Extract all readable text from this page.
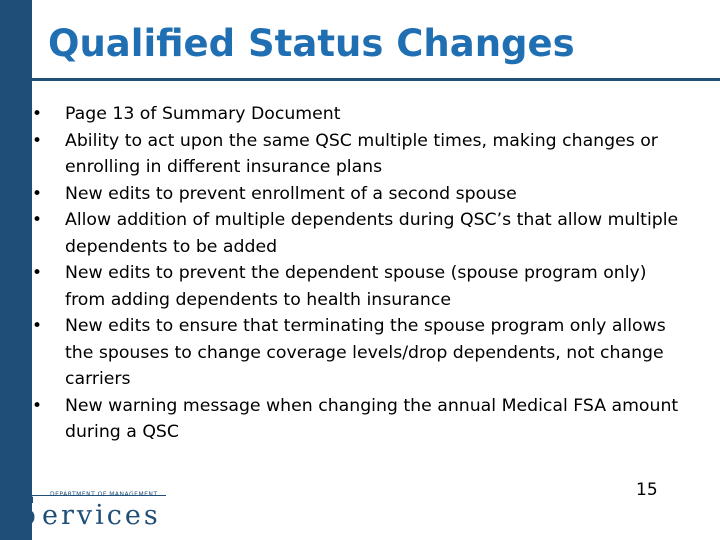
Qualified Status Changes
• Page 13 of Summary Document
• Ability to act upon the same QSC multiple times, making changes or enrolling in different insurance plans
• New edits to prevent enrollment of a second spouse
• Allow addition of multiple dependents during QSC’s that allow multiple dependents to be added
• New edits to prevent the dependent spouse (spouse program only) from adding dependents to health insurance
• New edits to ensure that terminating the spouse program only allows the spouses to change coverage levels/drop dependents, not change carriers
• New warning message when changing the annual Medical FSA amount during a QSC
S DEPARTMENT OF MANAGEMENT
ervices
15
